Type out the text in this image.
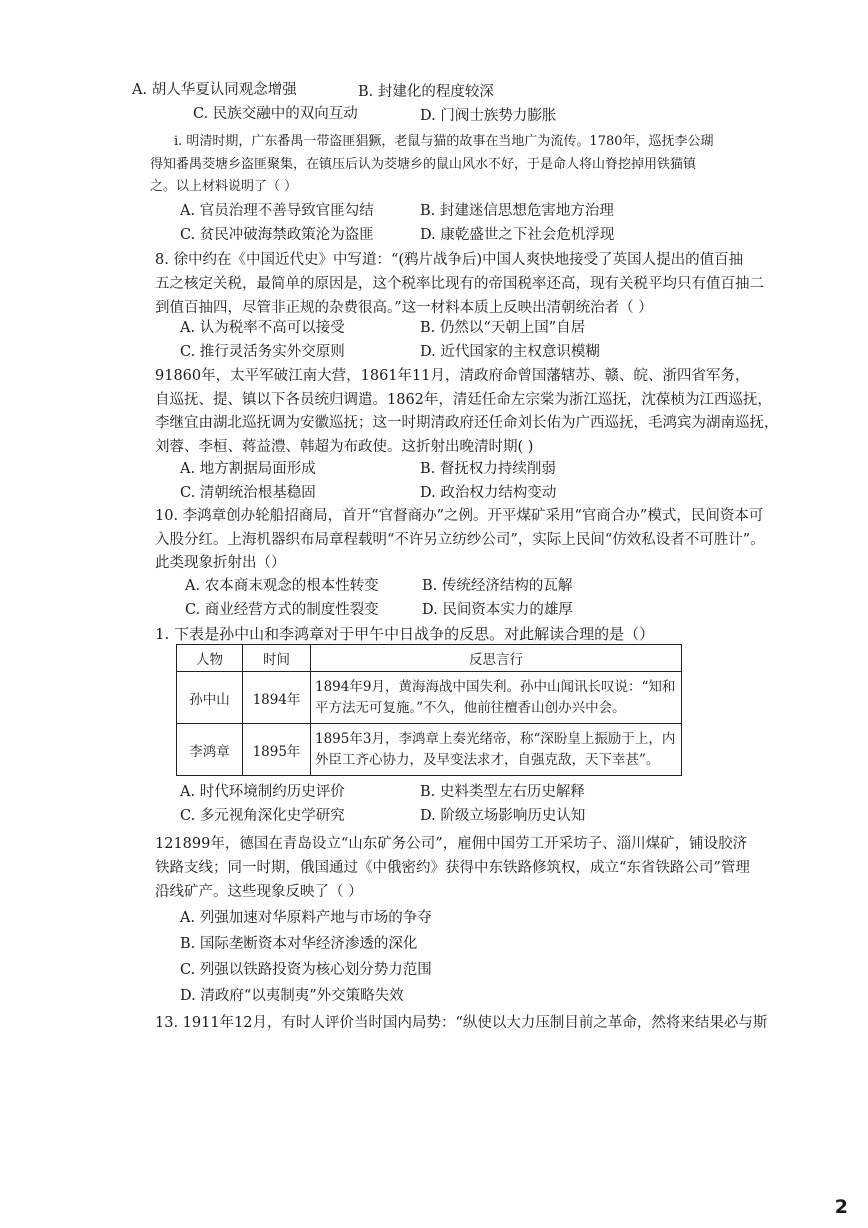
A. 胡人华夏认同观念增强	B. 封建化的程度较深
C. 民族交融中的双向互动	D. 门阀士族势力膨胀
i. 明清时期，广东番禺一带盗匪猖獗，老鼠与猫的故事在当地广为流传。1780年，巡抚李公瑚
得知番禺茭塘乡盗匪聚集，在镇压后认为茭塘乡的鼠山风水不好，于是命人将山脊挖掉用铁猫镇
之。以上材料说明了（ ）
A. 官员治理不善导致官匪勾结	B. 封建迷信思想危害地方治理
C. 贫民冲破海禁政策沦为盗匪	D. 康乾盛世之下社会危机浮现
8. 徐中约在《中国近代史》中写道：“(鸦片战争后)中国人爽快地接受了英国人提出的值百抽
五之核定关税，最简单的原因是，这个税率比现有的帝国税率还高，现有关税平均只有值百抽二
到值百抽四，尽管非正规的杂费很高。”这一材料本质上反映出清朝统治者（ ）
A. 认为税率不高可以接受	B. 仍然以“天朝上国”自居
C. 推行灵活务实外交原则	D. 近代国家的主权意识模糊
91860年，太平军破江南大营，1861年11月，清政府命曾国藩辖苏、赣、皖、浙四省军务，
自巡抚、提、镇以下各员统归调遣。1862年，清廷任命左宗棠为浙江巡抚，沈葆桢为江西巡抚，
李继宜由湖北巡抚调为安徽巡抚；这一时期清政府还任命刘长佑为广西巡抚，毛鸿宾为湖南巡抚，
刘蓉、李桓、蒋益澧、韩超为布政使。这折射出晚清时期( )
A. 地方割据局面形成	B. 督抚权力持续削弱
C. 清朝统治根基稳固	D. 政治权力结构变动
10. 李鸿章创办轮船招商局，首开“官督商办”之例。开平煤矿采用“官商合办”模式，民间资本可
入股分红。上海机器织布局章程载明“不许另立纺纱公司”，实际上民间“仿效私设者不可胜计”。
此类现象折射出（）
A. 农本商末观念的根本性转变	B. 传统经济结构的瓦解
C. 商业经营方式的制度性裂变	D. 民间资本实力的雄厚
1. 下表是孙中山和李鸿章对于甲午中日战争的反思。对此解读合理的是（）
人物	时间	反思言行
孙中山	1894年	1894年9月，黄海海战中国失利。孙中山闻讯长叹说：“知和平方法无可复施。”不久，他前往檀香山创办兴中会。
李鸿章	1895年	1895年3月，李鸿章上奏光绪帝，称“深盼皇上振励于上，内外臣工齐心协力，及早变法求才，自强克敌，天下幸甚”。
A. 时代环境制约历史评价	B. 史料类型左右历史解释
C. 多元视角深化史学研究	D. 阶级立场影响历史认知
121899年，德国在青岛设立“山东矿务公司”，雇佣中国劳工开采坊子、淄川煤矿，铺设胶济
铁路支线；同一时期，俄国通过《中俄密约》获得中东铁路修筑权，成立“东省铁路公司”管理
沿线矿产。这些现象反映了（ ）
A. 列强加速对华原料产地与市场的争夺
B. 国际垄断资本对华经济渗透的深化
C. 列强以铁路投资为核心划分势力范围
D. 清政府“以夷制夷”外交策略失效
13. 1911年12月，有时人评价当时国内局势：“纵使以大力压制目前之革命，然将来结果必与斯
2
